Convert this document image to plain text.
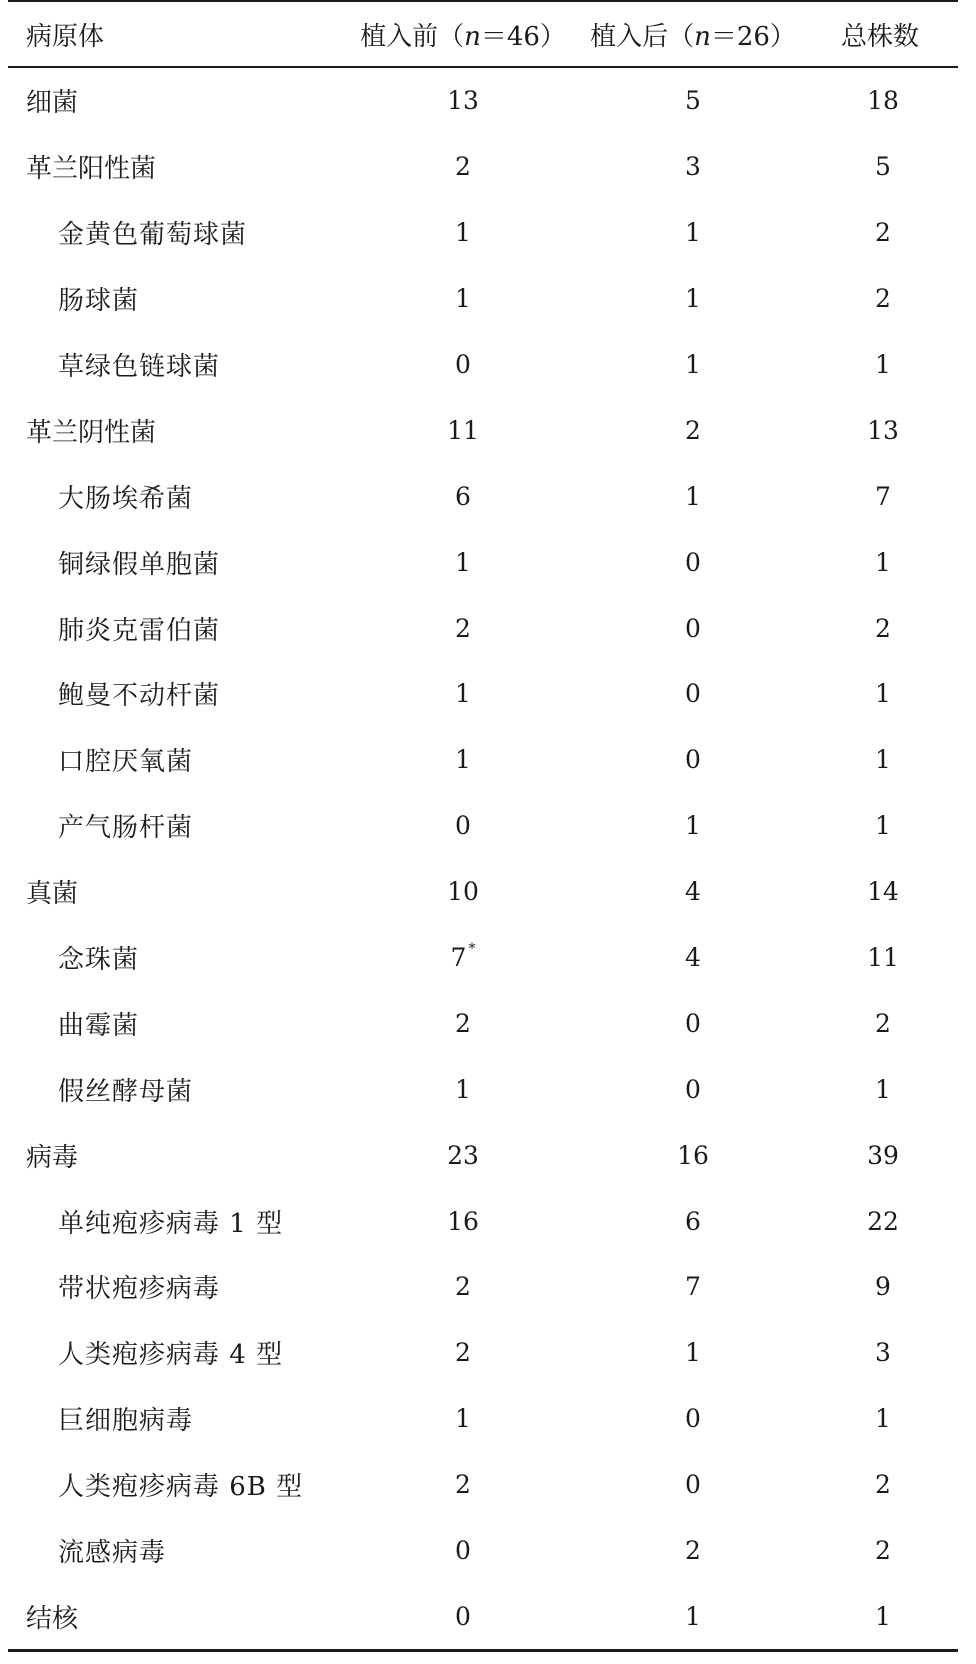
病原体	植入前（n＝46）	植入后（n＝26）	总株数
细菌	13	5	18
革兰阳性菌	2	3	5
金黄色葡萄球菌	1	1	2
肠球菌	1	1	2
草绿色链球菌	0	1	1
革兰阴性菌	11	2	13
大肠埃希菌	6	1	7
铜绿假单胞菌	1	0	1
肺炎克雷伯菌	2	0	2
鲍曼不动杆菌	1	0	1
口腔厌氧菌	1	0	1
产气肠杆菌	0	1	1
真菌	10	4	14
念珠菌	7 *	4	11
曲霉菌	2	0	2
假丝酵母菌	1	0	1
病毒	23	16	39
单纯疱疹病毒 1 型	16	6	22
带状疱疹病毒	2	7	9
人类疱疹病毒 4 型	2	1	3
巨细胞病毒	1	0	1
人类疱疹病毒 6B 型	2	0	2
流感病毒	0	2	2
结核	0	1	1
